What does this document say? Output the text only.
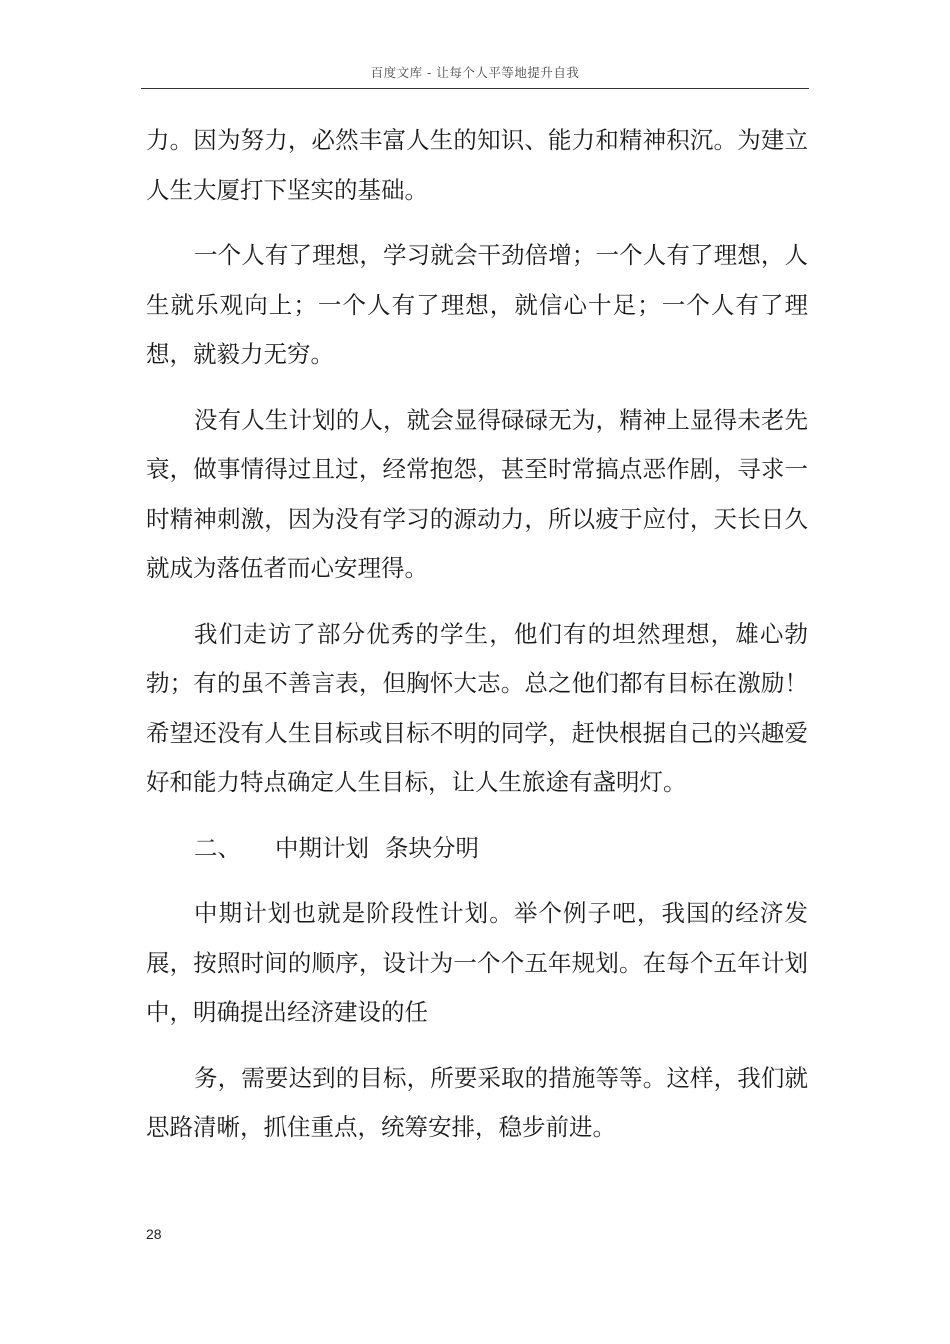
百度文库 - 让每个人平等地提升自我

力。因为努力，必然丰富人生的知识、能力和精神积沉。为建立人生大厦打下坚实的基础。

一个人有了理想，学习就会干劲倍增；一个人有了理想，人生就乐观向上；一个人有了理想，就信心十足；一个人有了理想，就毅力无穷。

没有人生计划的人，就会显得碌碌无为，精神上显得未老先衰，做事情得过且过，经常抱怨，甚至时常搞点恶作剧，寻求一时精神刺激，因为没有学习的源动力，所以疲于应付，天长日久就成为落伍者而心安理得。

我们走访了部分优秀的学生，他们有的坦然理想，雄心勃勃；有的虽不善言表，但胸怀大志。总之他们都有目标在激励！希望还没有人生目标或目标不明的同学，赶快根据自己的兴趣爱好和能力特点确定人生目标，让人生旅途有盏明灯。

二、 中期计划 条块分明

中期计划也就是阶段性计划。举个例子吧，我国的经济发展，按照时间的顺序，设计为一个个五年规划。在每个五年计划中，明确提出经济建设的任

务，需要达到的目标，所要采取的措施等等。这样，我们就思路清晰，抓住重点，统筹安排，稳步前进。

28
